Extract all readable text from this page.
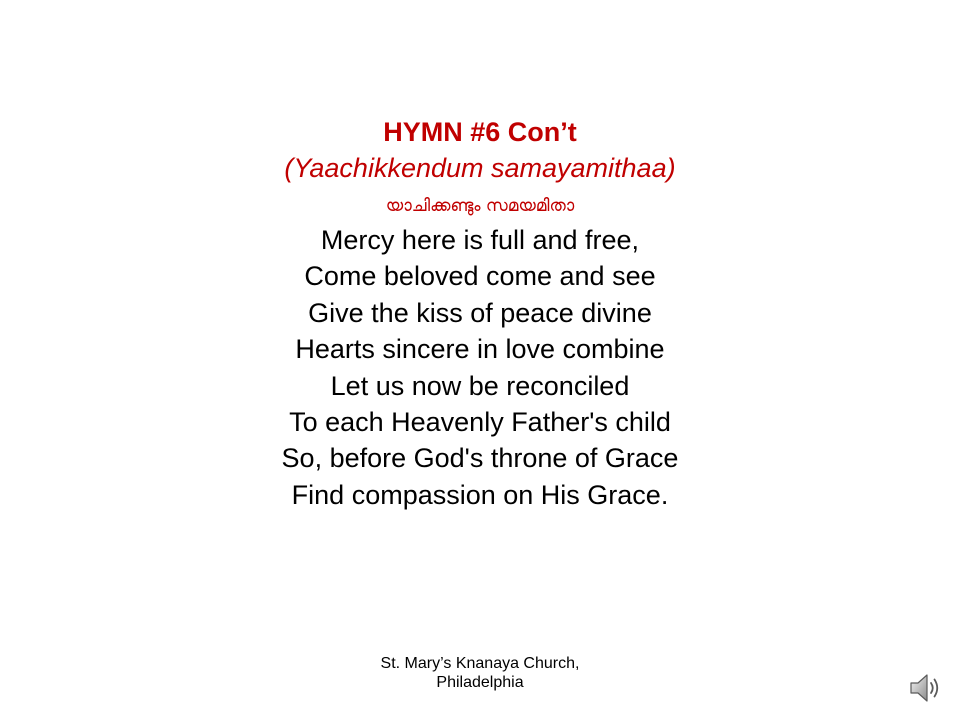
HYMN #6 Con’t
(Yaachikkendum samayamithaa)
യാചിക്കണ്ടും സമയമിതാ
Mercy here is full and free,
Come beloved come and see
Give the kiss of peace divine
Hearts sincere in love combine
Let us now be reconciled
To each Heavenly Father's child
So, before God's throne of Grace
Find compassion on His Grace.
St. Mary’s Knanaya Church,
Philadelphia
